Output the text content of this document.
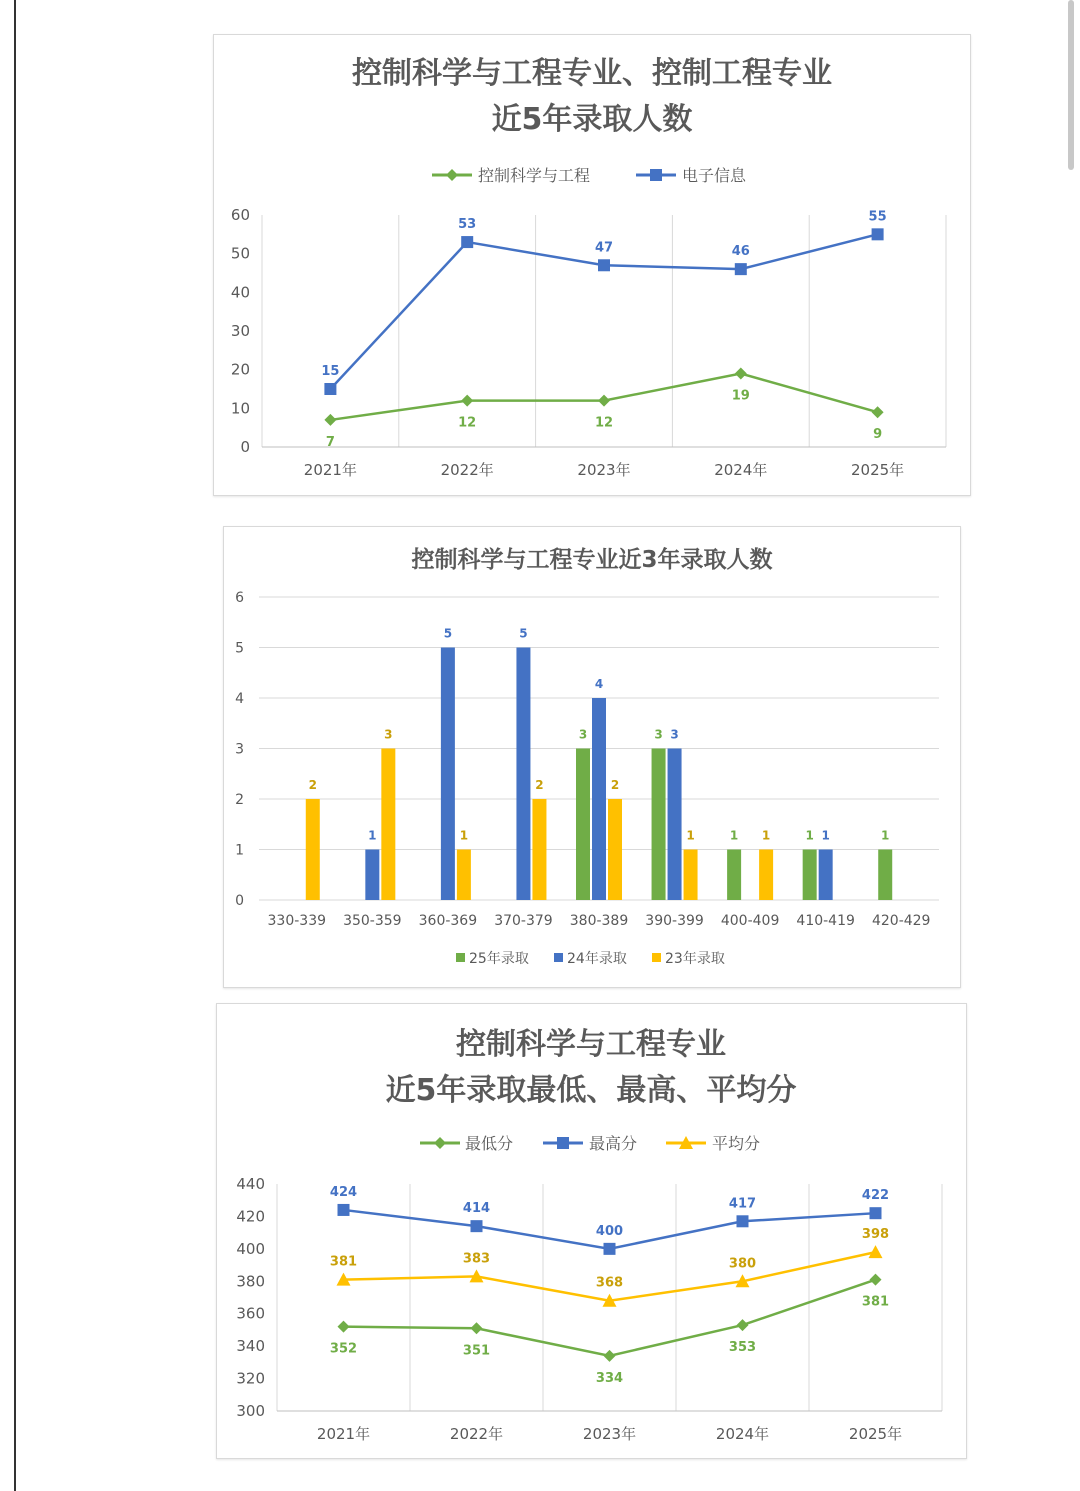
控制科学与工程专业、控制工程专业
近5年录取人数
控制科学与工程	电子信息
0
10
20
30
40
50
60
2021年	2022年	2023年	2024年	2025年
7
12	12
19
9
15
53
47	46
55
控制科学与工程专业近3年录取人数
25年录取	24年录取	23年录取
0
1
2
3
4
5
6
330-339
2
350-359
1
3
360-369
5
1
370-379
5
2
380-389
3
4
2
390-399
3 3
1
400-409
1 1
410-419
1 1
420-429
1
控制科学与工程专业
近5年录取最低、最高、平均分
最低分	最高分	平均分
300
320
340
360
380
400
420
440
2021年	2022年	2023年	2024年	2025年
352	351
334
353
381
424
414
400
417
422
381	383
368
380
398
